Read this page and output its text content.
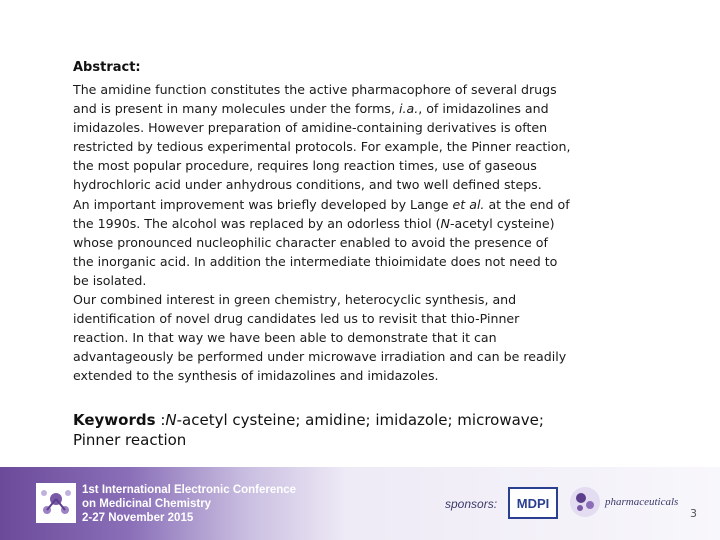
Abstract:

The amidine function constitutes the active pharmacophore of several drugs

and is present in many molecules under the forms, i.a., of imidazolines and

imidazoles. However preparation of amidine-containing derivatives is often

restricted by tedious experimental protocols. For example, the Pinner reaction,

the most popular procedure, requires long reaction times, use of gaseous

hydrochloric acid under anhydrous conditions, and two well defined steps.

An important improvement was briefly developed by Lange et al. at the end of

the 1990s. The alcohol was replaced by an odorless thiol (N-acetyl cysteine)

whose pronounced nucleophilic character enabled to avoid the presence of

the inorganic acid. In addition the intermediate thioimidate does not need to

be isolated.

Our combined interest in green chemistry, heterocyclic synthesis, and

identification of novel drug candidates led us to revisit that thio-Pinner

reaction. In that way we have been able to demonstrate that it can

advantageously be performed under microwave irradiation and can be readily

extended to the synthesis of imidazolines and imidazoles.

Keywords :N-acetyl cysteine; amidine; imidazole; microwave; Pinner reaction
1st International Electronic Conference
on Medicinal Chemistry
2-27 November 2015
sponsors: MDPI	pharmaceuticals
3
